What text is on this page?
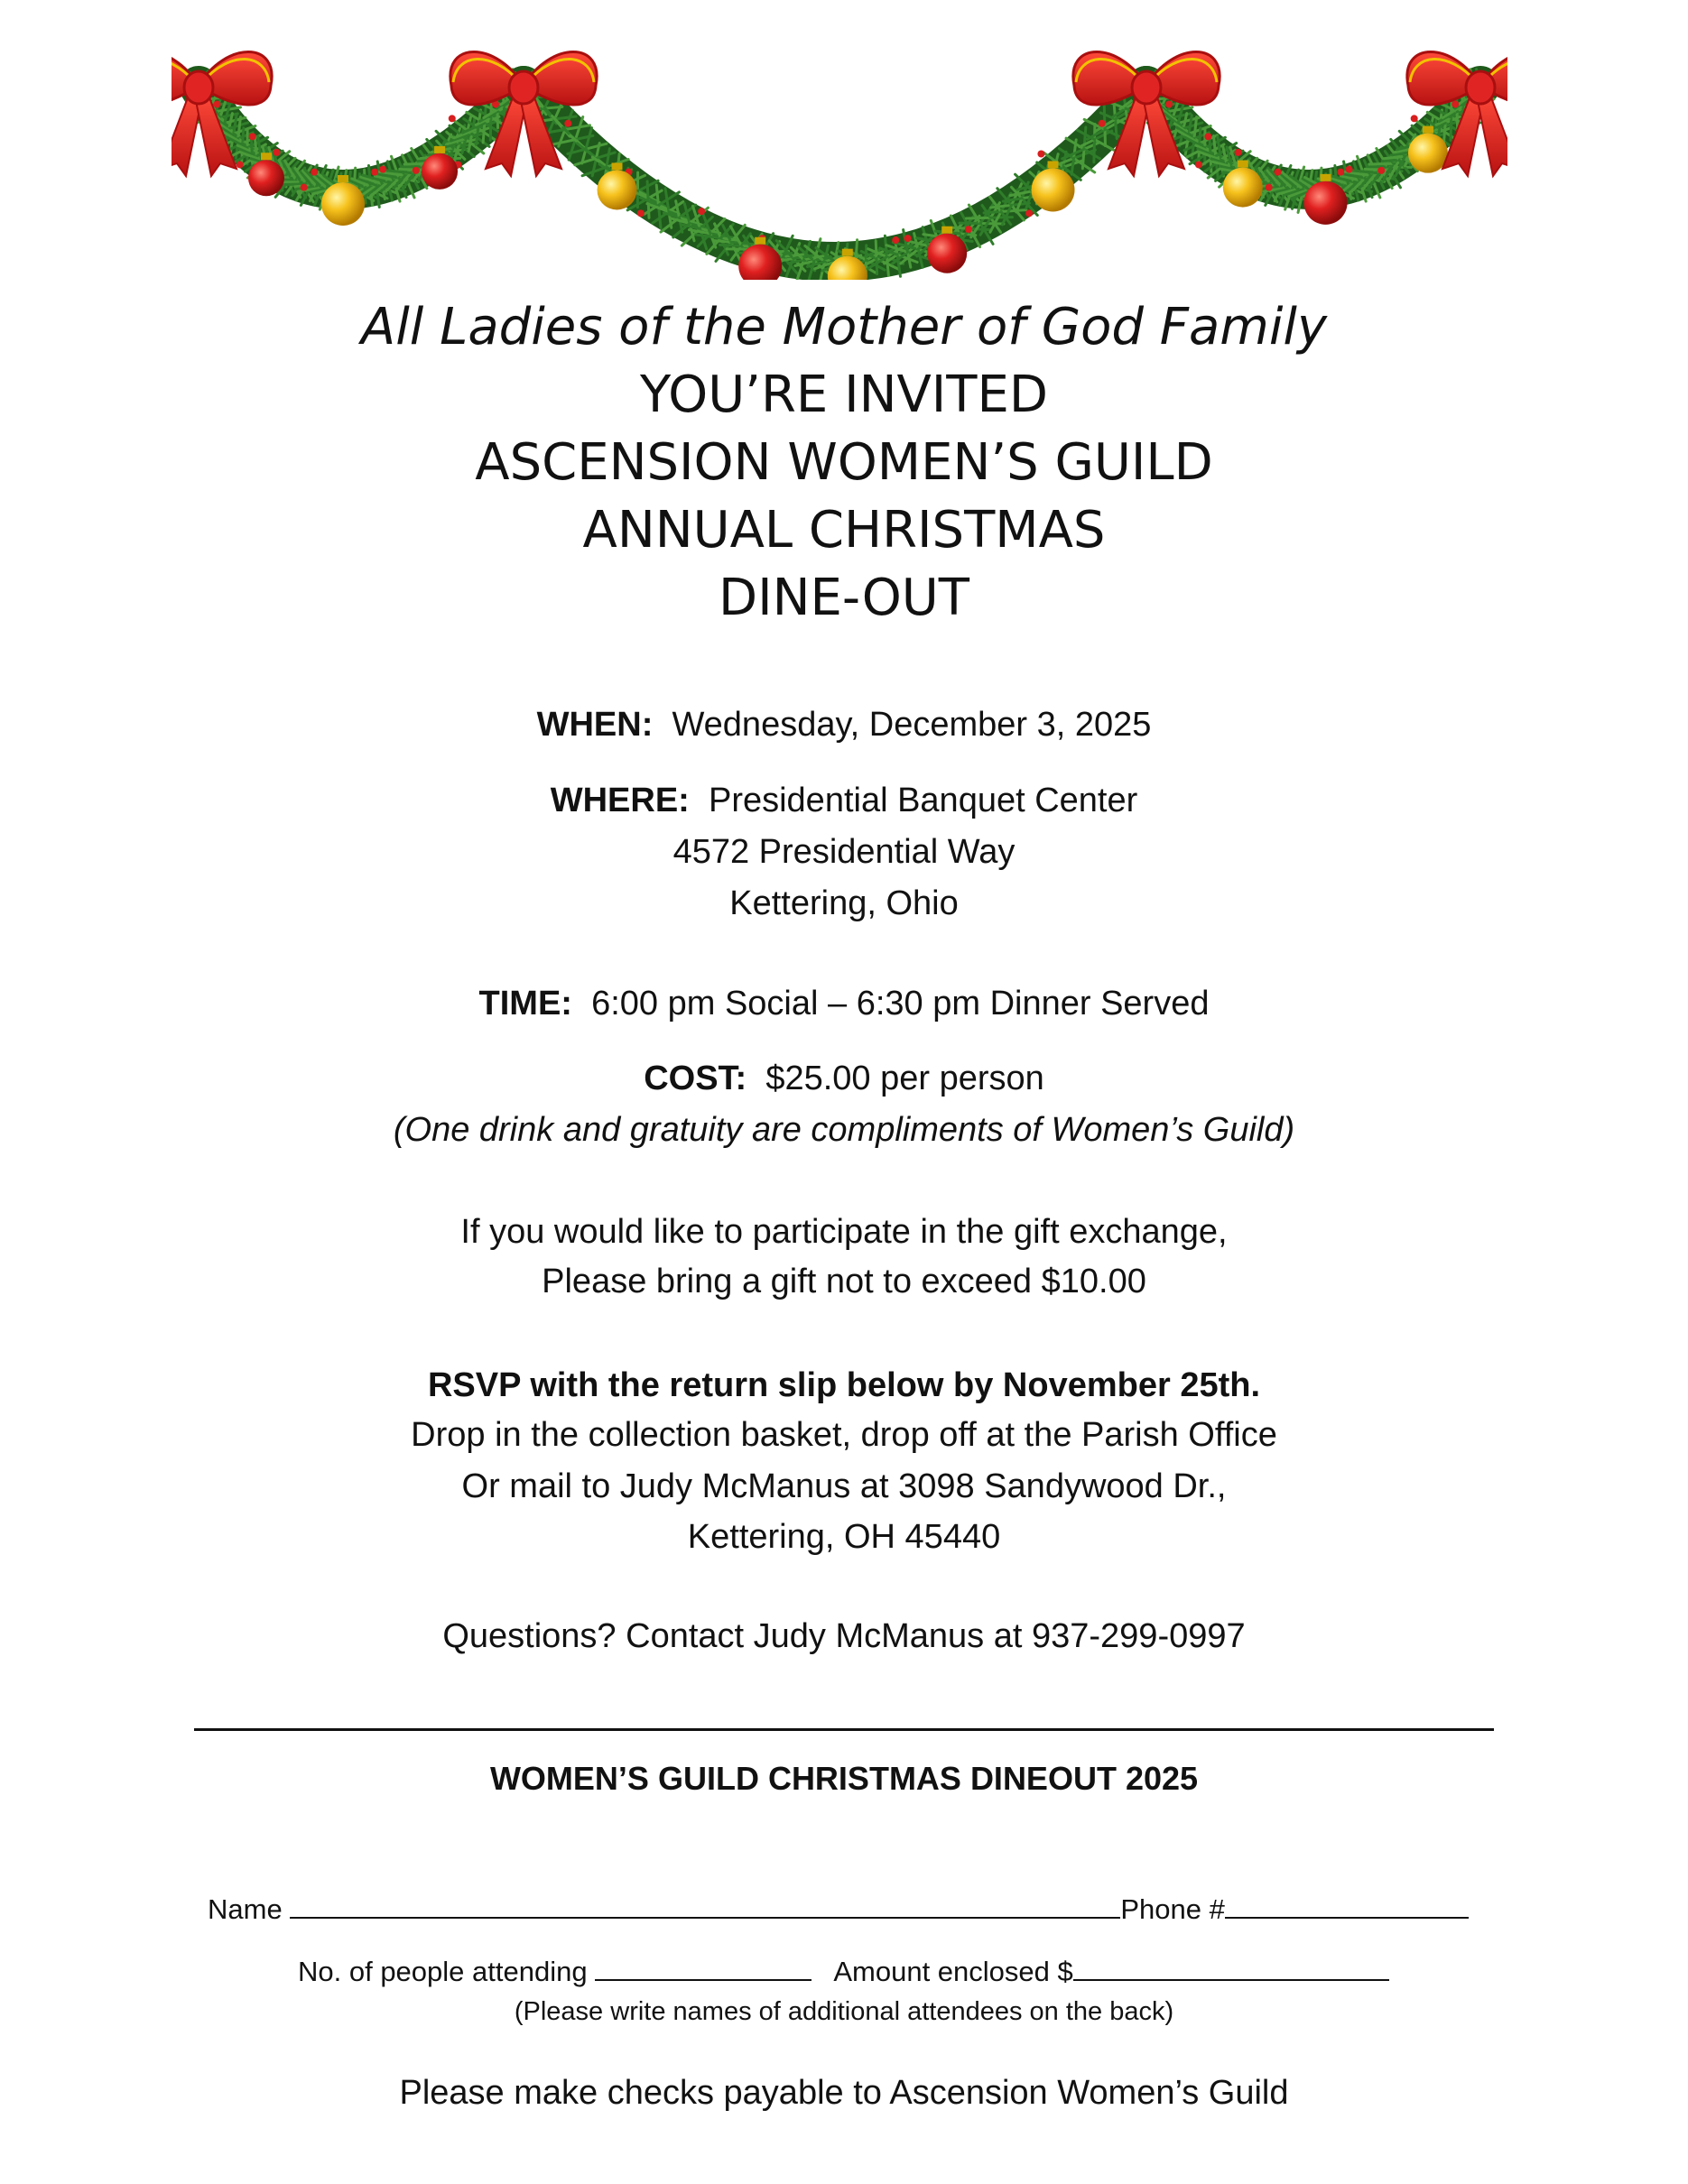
All Ladies of the Mother of God Family
YOU’RE INVITED
ASCENSION WOMEN’S GUILD
ANNUAL CHRISTMAS
DINE-OUT
WHEN: Wednesday, December 3, 2025
WHERE: Presidential Banquet Center
4572 Presidential Way
Kettering, Ohio
TIME: 6:00 pm Social – 6:30 pm Dinner Served
COST: $25.00 per person
(One drink and gratuity are compliments of Women’s Guild)
If you would like to participate in the gift exchange,
Please bring a gift not to exceed $10.00
RSVP with the return slip below by November 25th.
Drop in the collection basket, drop off at the Parish Office
Or mail to Judy McManus at 3098 Sandywood Dr.,
Kettering, OH 45440
Questions? Contact Judy McManus at 937-299-0997
WOMEN’S GUILD CHRISTMAS DINEOUT 2025
Name	Phone #
No. of people attending	Amount enclosed $
(Please write names of additional attendees on the back)
Please make checks payable to Ascension Women’s Guild
